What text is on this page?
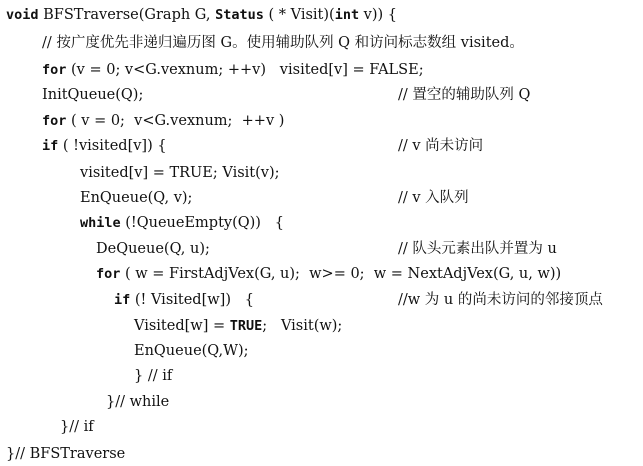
void BFSTraverse(Graph G, Status ( * Visit)(int v)) {
// 按广度优先非递归遍历图 G。使用辅助队列 Q 和访问标志数组 visited。
for (v = 0; v<G.vexnum; ++v)   visited[v] = FALSE;
InitQueue(Q);	// 置空的辅助队列 Q
for ( v = 0;  v<G.vexnum;  ++v )
if ( !visited[v]) {	// v 尚未访问
visited[v] = TRUE; Visit(v);
EnQueue(Q, v);	// v 入队列
while (!QueueEmpty(Q))   {
DeQueue(Q, u);	// 队头元素出队并置为 u
for ( w = FirstAdjVex(G, u);  w>= 0;  w = NextAdjVex(G, u, w))
if (! Visited[w])   {	//w 为 u 的尚未访问的邻接顶点
Visited[w] = TRUE;   Visit(w);
EnQueue(Q,W);
} // if
}// while
}// if
}// BFSTraverse
